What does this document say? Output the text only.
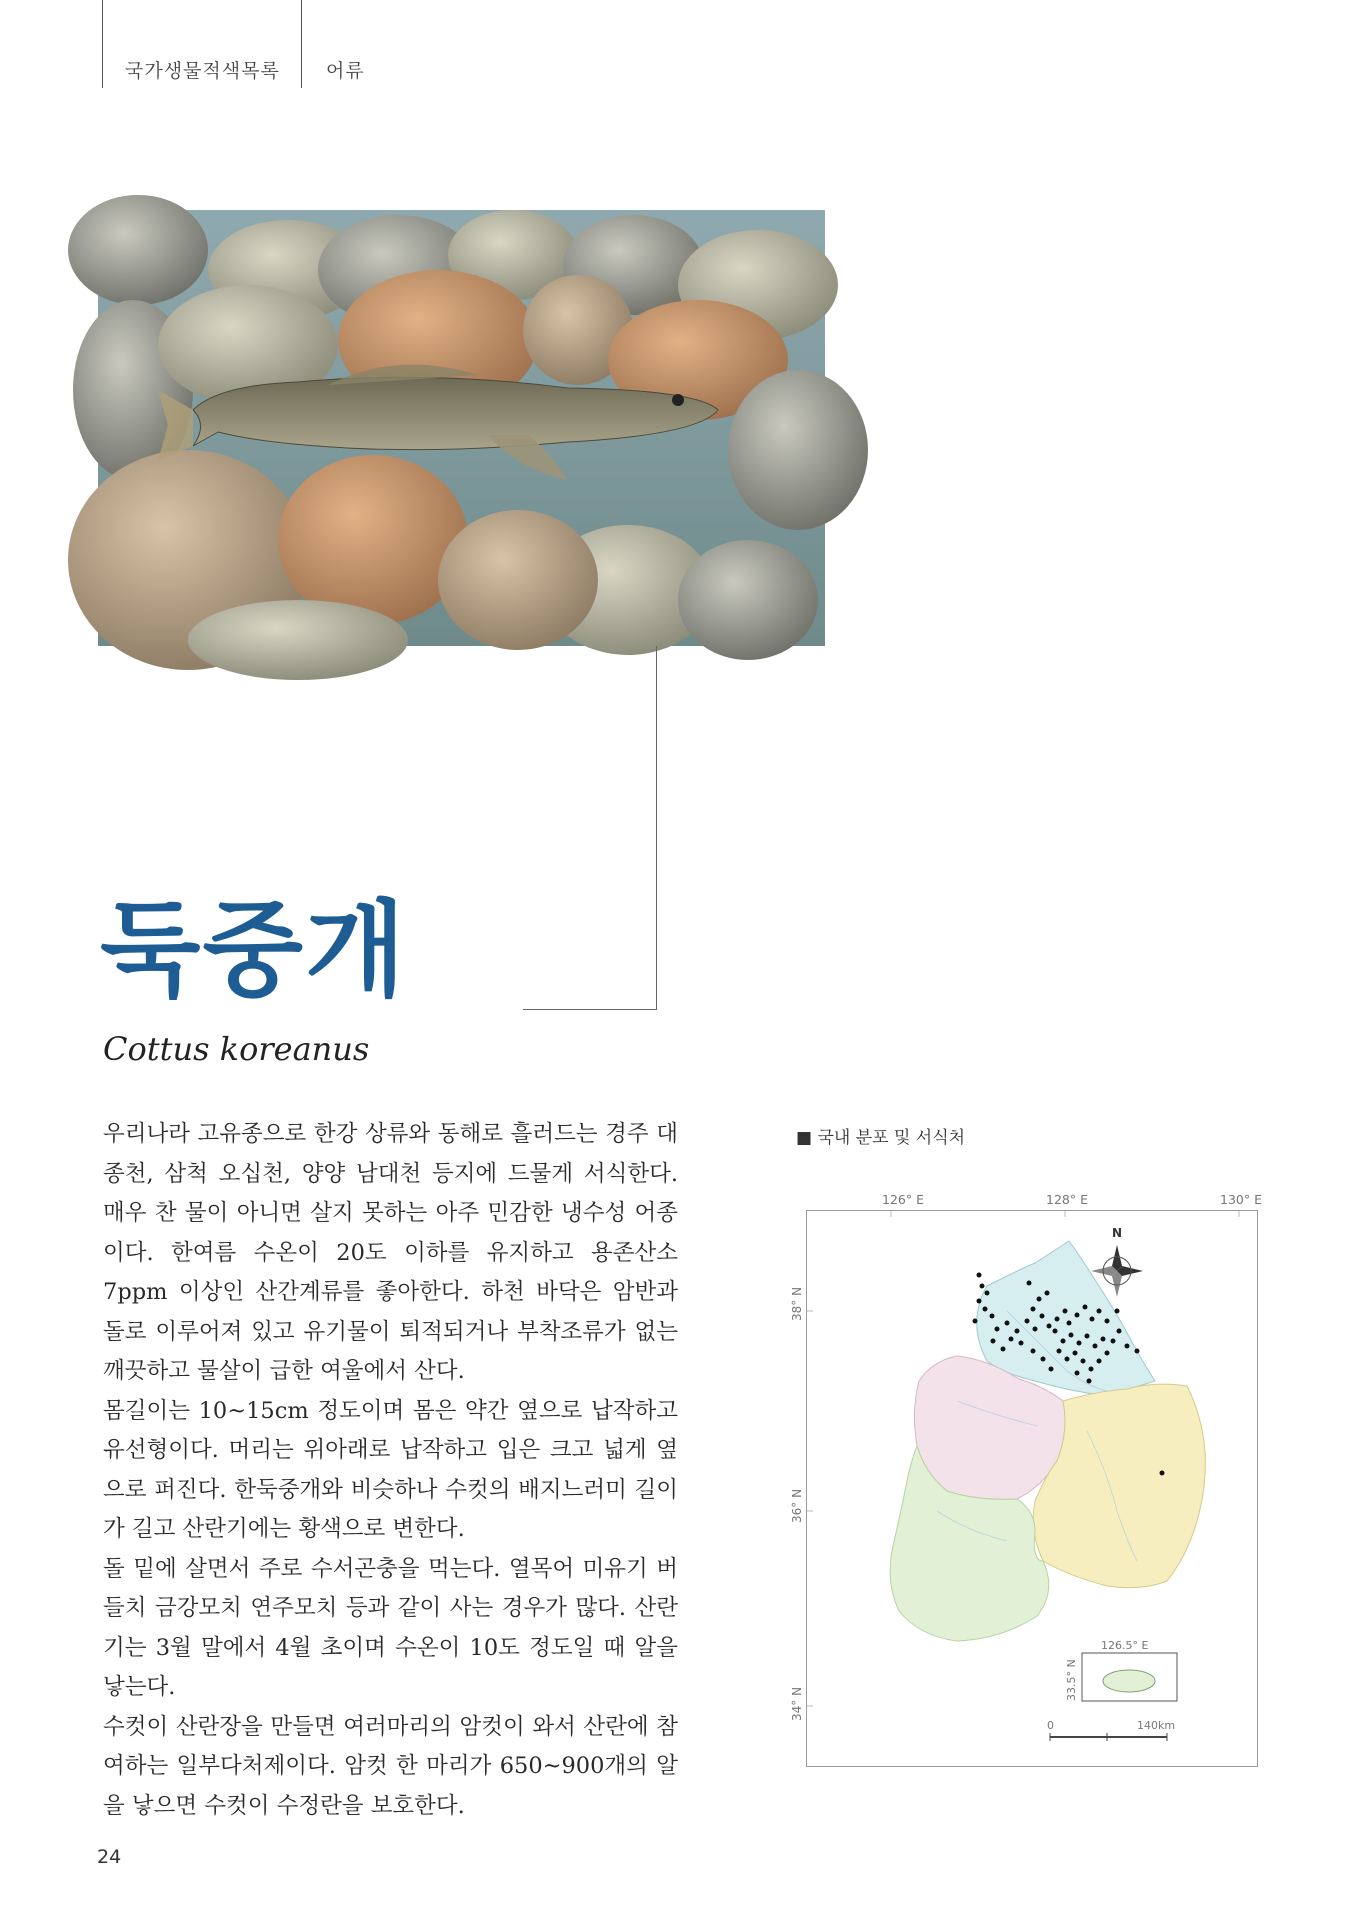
국가생물적색목록 어류
둑중개
Cottus koreanus

우리나라 고유종으로 한강 상류와 동해로 흘러드는 경주 대종천, 삼척 오십천, 양양 남대천 등지에 드물게 서식한다. 매우 찬 물이 아니면 살지 못하는 아주 민감한 냉수성 어종이다. 한여름 수온이 20도 이하를 유지하고 용존산소 7ppm 이상인 산간계류를 좋아한다. 하천 바닥은 암반과 돌로 이루어져 있고 유기물이 퇴적되거나 부착조류가 없는 깨끗하고 물살이 급한 여울에서 산다.

몸길이는 10~15cm 정도이며 몸은 약간 옆으로 납작하고 유선형이다. 머리는 위아래로 납작하고 입은 크고 넓게 옆으로 퍼진다. 한둑중개와 비슷하나 수컷의 배지느러미 길이가 길고 산란기에는 황색으로 변한다.

돌 밑에 살면서 주로 수서곤충을 먹는다. 열목어 미유기 버들치 금강모치 연주모치 등과 같이 사는 경우가 많다. 산란기는 3월 말에서 4월 초이며 수온이 10도 정도일 때 알을 낳는다.

수컷이 산란장을 만들면 여러마리의 암컷이 와서 산란에 참여하는 일부다처제이다. 암컷 한 마리가 650~900개의 알을 낳으면 수컷이 수정란을 보호한다.

■ 국내 분포 및 서식처
126° E	128° E	130° E
38° N
36° N
34° N
N
126.5° E
33.5° N
0	140km
24
